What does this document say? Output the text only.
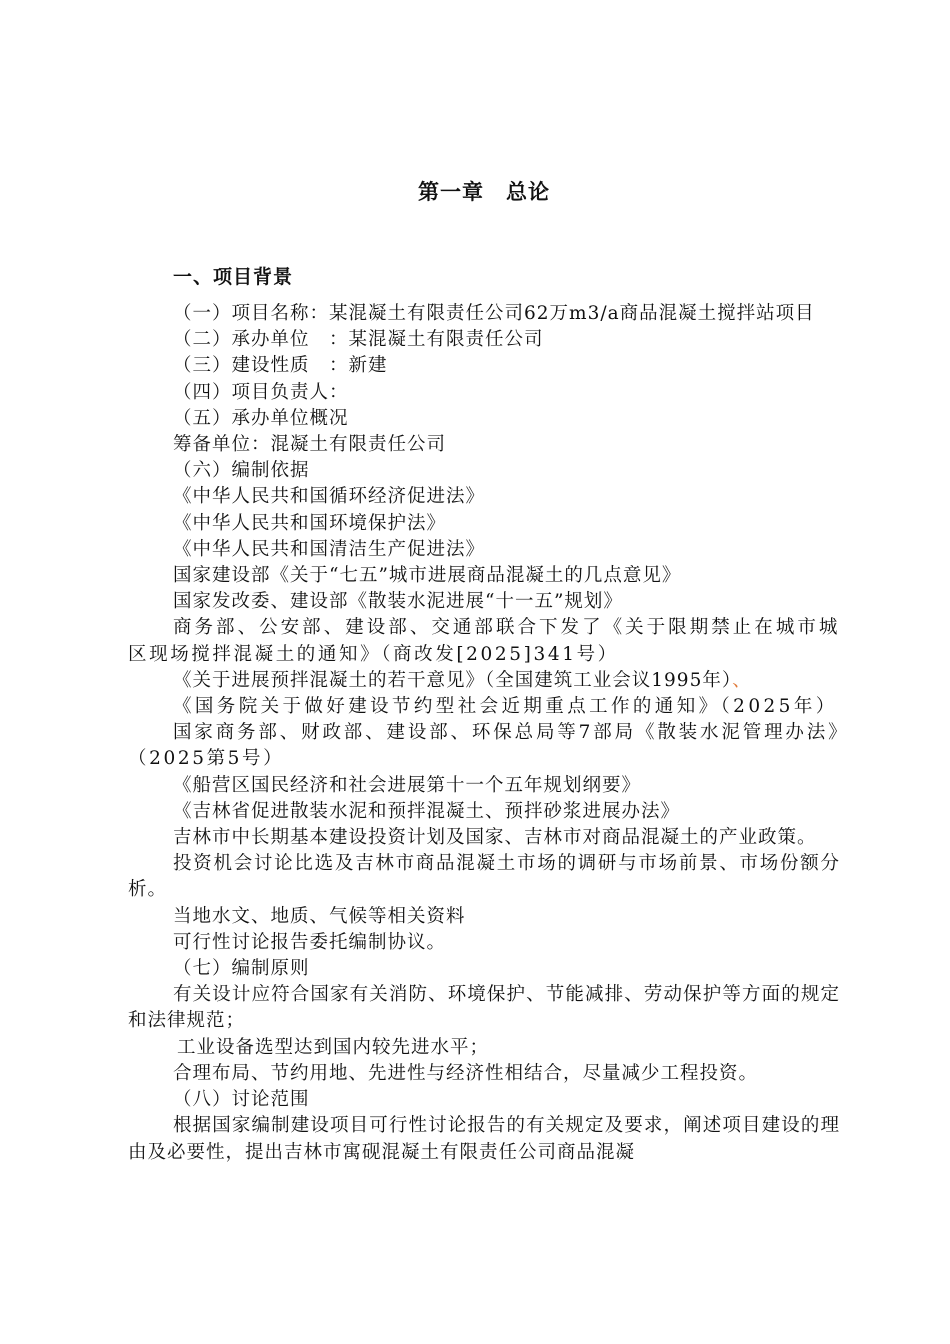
第一章　总论
一、项目背景

（一）项目名称：某混凝土有限责任公司62万m3/a商品混凝土搅拌站项目

（二）承办单位　：某混凝土有限责任公司

（三）建设性质　：新建

（四）项目负责人：

（五）承办单位概况

筹备单位：混凝土有限责任公司

（六）编制依据

《中华人民共和国循环经济促进法》

《中华人民共和国环境保护法》

《中华人民共和国清洁生产促进法》

国家建设部《关于“七五”城市进展商品混凝土的几点意见》

国家发改委、建设部《散装水泥进展“十一五”规划》

商务部、公安部、建设部、交通部联合下发了《关于限期禁止在城市城区现场搅拌混凝土的通知》（商改发[2025]341号）

《关于进展预拌混凝土的若干意见》（全国建筑工业会议1995年）、

《国务院关于做好建设节约型社会近期重点工作的通知》（2025年）

国家商务部、财政部、建设部、环保总局等7部局《散装水泥管理办法》（2025第5号）

《船营区国民经济和社会进展第十一个五年规划纲要》

《吉林省促进散装水泥和预拌混凝土、预拌砂浆进展办法》

吉林市中长期基本建设投资计划及国家、吉林市对商品混凝土的产业政策。

投资机会讨论比选及吉林市商品混凝土市场的调研与市场前景、市场份额分析。

当地水文、地质、气候等相关资料

可行性讨论报告委托编制协议。

（七）编制原则

有关设计应符合国家有关消防、环境保护、节能减排、劳动保护等方面的规定和法律规范；

工业设备选型达到国内较先进水平；

合理布局、节约用地、先进性与经济性相结合，尽量减少工程投资。

（八）讨论范围

根据国家编制建设项目可行性讨论报告的有关规定及要求，阐述项目建设的理由及必要性，提出吉林市寓砚混凝土有限责任公司商品混凝
